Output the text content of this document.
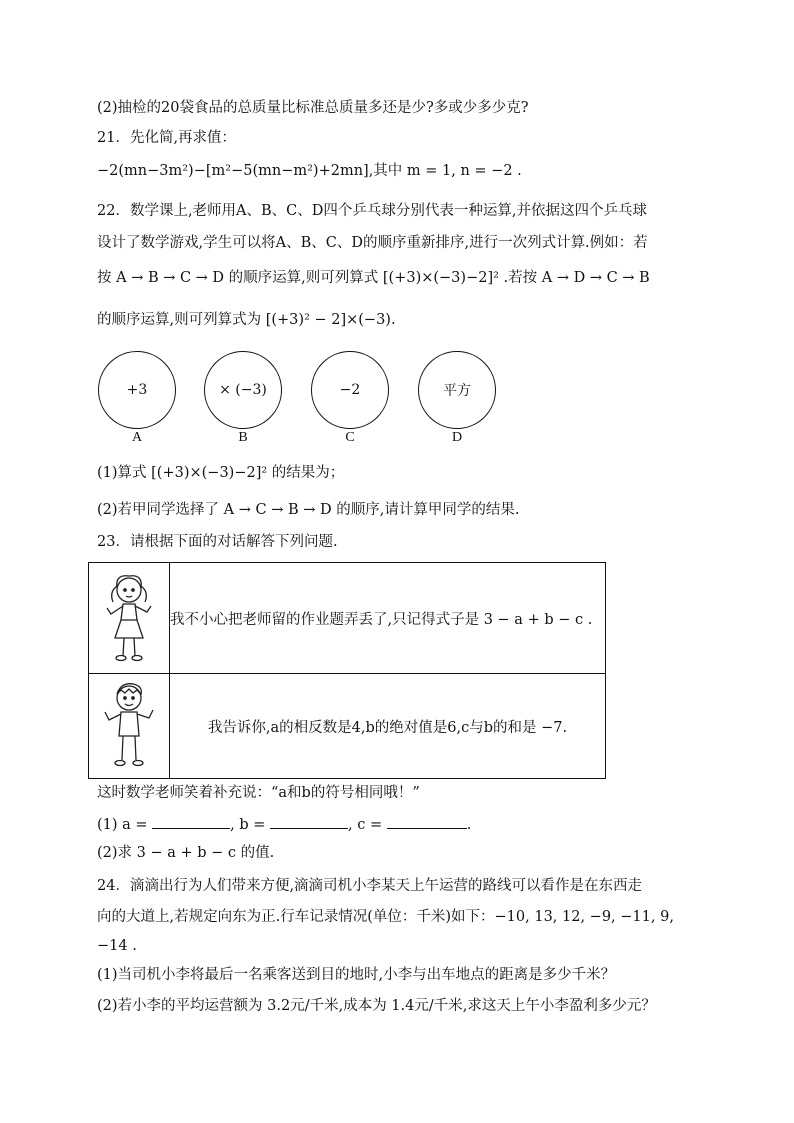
(2)抽检的20袋食品的总质量比标准总质量多还是少?多或少多少克?
21．先化简,再求值：
−2(mn−3m²)−[m²−5(mn−m²)+2mn],其中 m = 1, n = −2 .
22．数学课上,老师用A、B、C、D四个乒乓球分别代表一种运算,并依据这四个乒乓球
设计了数学游戏,学生可以将A、B、C、D的顺序重新排序,进行一次列式计算.例如：若
按 A → B → C → D 的顺序运算,则可列算式 [(+3)×(−3)−2]² .若按 A → D → C → B
的顺序运算,则可列算式为 [(+3)² − 2]×(−3).
+3	× (−3)	−2	平方
A	B	C	D
(1)算式 [(+3)×(−3)−2]² 的结果为；
(2)若甲同学选择了 A → C → B → D 的顺序,请计算甲同学的结果.
23．请根据下面的对话解答下列问题.
	我不小心把老师留的作业题弄丢了,只记得式子是 3 − a + b − c .
	我告诉你,a的相反数是4,b的绝对值是6,c与b的和是 −7.
这时数学老师笑着补充说：“a和b的符号相同哦！”
(1) a =	, b =	, c =	.
(2)求 3 − a + b − c 的值.
24．滴滴出行为人们带来方便,滴滴司机小李某天上午运营的路线可以看作是在东西走
向的大道上,若规定向东为正.行车记录情况(单位：千米)如下：−10, 13, 12, −9, −11, 9,
−14 .
(1)当司机小李将最后一名乘客送到目的地时,小李与出车地点的距离是多少千米？
(2)若小李的平均运营额为 3.2元/千米,成本为 1.4元/千米,求这天上午小李盈利多少元？
